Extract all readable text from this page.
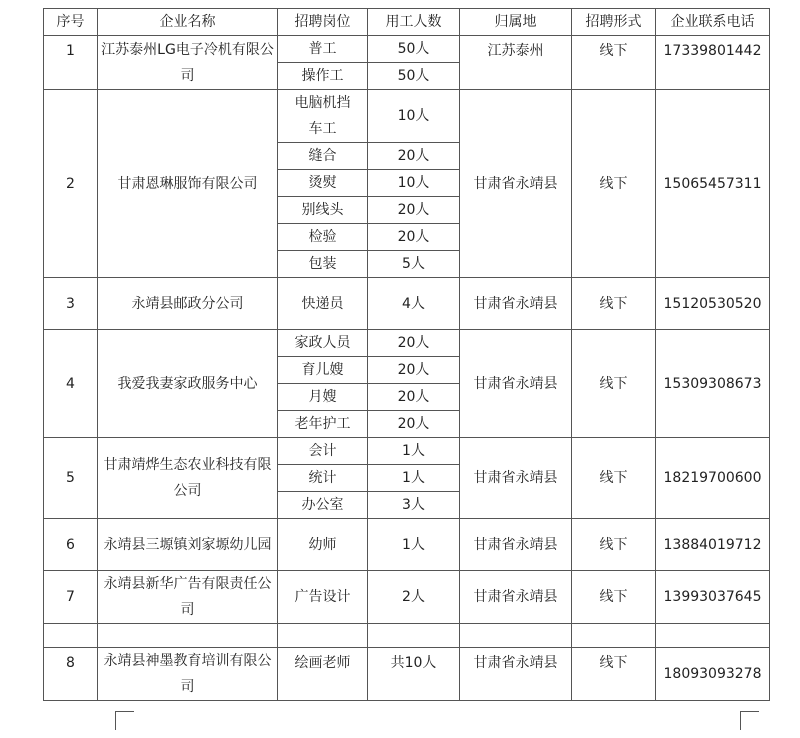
序号	企业名称	招聘岗位	用工人数	归属地	招聘形式	企业联系电话
1	江苏泰州LG电子冷机有限公司	普工	50人	江苏泰州	线下	17339801442
		操作工	50人			
2	甘肃恩琳服饰有限公司	电脑机挡车工	10人	甘肃省永靖县	线下	15065457311
		缝合	20人			
		烫熨	10人			
		别线头	20人			
		检验	20人			
		包装	5人			
3	永靖县邮政分公司	快递员	4人	甘肃省永靖县	线下	15120530520
4	我爱我妻家政服务中心	家政人员	20人	甘肃省永靖县	线下	15309308673
		育儿嫂	20人			
		月嫂	20人			
		老年护工	20人			
5	甘肃靖烨生态农业科技有限公司	会计	1人	甘肃省永靖县	线下	18219700600
		统计	1人			
		办公室	3人			
6	永靖县三塬镇刘家塬幼儿园	幼师	1人	甘肃省永靖县	线下	13884019712
7	永靖县新华广告有限责任公司	广告设计	2人	甘肃省永靖县	线下	13993037645

8	永靖县神墨教育培训有限公司	绘画老师	共10人	甘肃省永靖县	线下	18093093278
